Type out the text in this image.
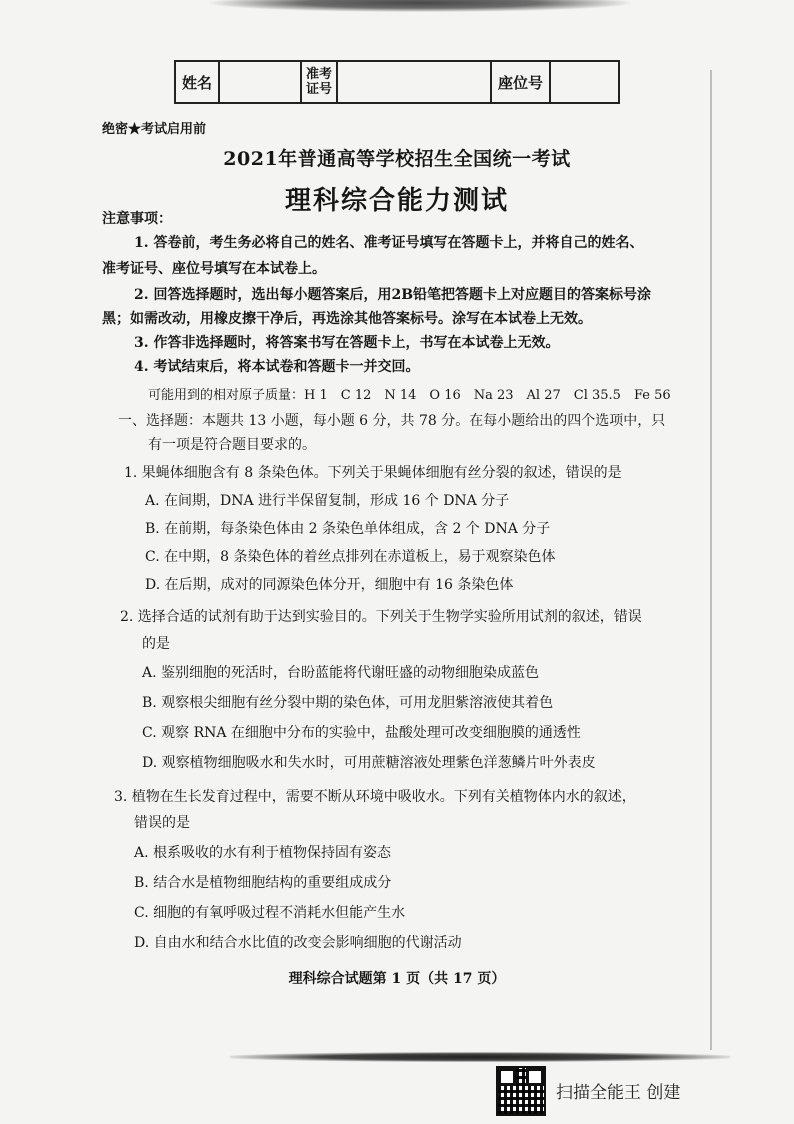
姓名	准考
证号	座位号
绝密★考试启用前
2021年普通高等学校招生全国统一考试
理科综合能力测试
注意事项：
1. 答卷前，考生务必将自己的姓名、准考证号填写在答题卡上，并将自己的姓名、
准考证号、座位号填写在本试卷上。
2. 回答选择题时，选出每小题答案后，用2B铅笔把答题卡上对应题目的答案标号涂
黑；如需改动，用橡皮擦干净后，再选涂其他答案标号。涂写在本试卷上无效。
3. 作答非选择题时，将答案书写在答题卡上，书写在本试卷上无效。
4. 考试结束后，将本试卷和答题卡一并交回。
可能用到的相对原子质量：H 1　C 12　N 14　O 16　Na 23　Al 27　Cl 35.5　Fe 56
一、选择题：本题共 13 小题，每小题 6 分，共 78 分。在每小题给出的四个选项中，只
有一项是符合题目要求的。
1. 果蝇体细胞含有 8 条染色体。下列关于果蝇体细胞有丝分裂的叙述，错误的是
A. 在间期，DNA 进行半保留复制，形成 16 个 DNA 分子
B. 在前期，每条染色体由 2 条染色单体组成，含 2 个 DNA 分子
C. 在中期，8 条染色体的着丝点排列在赤道板上，易于观察染色体
D. 在后期，成对的同源染色体分开，细胞中有 16 条染色体
2. 选择合适的试剂有助于达到实验目的。下列关于生物学实验所用试剂的叙述，错误
的是
A. 鉴别细胞的死活时，台盼蓝能将代谢旺盛的动物细胞染成蓝色
B. 观察根尖细胞有丝分裂中期的染色体，可用龙胆紫溶液使其着色
C. 观察 RNA 在细胞中分布的实验中，盐酸处理可改变细胞膜的通透性
D. 观察植物细胞吸水和失水时，可用蔗糖溶液处理紫色洋葱鳞片叶外表皮
3. 植物在生长发育过程中，需要不断从环境中吸收水。下列有关植物体内水的叙述，
错误的是
A. 根系吸收的水有利于植物保持固有姿态
B. 结合水是植物细胞结构的重要组成成分
C. 细胞的有氧呼吸过程不消耗水但能产生水
D. 自由水和结合水比值的改变会影响细胞的代谢活动
理科综合试题第 1 页（共 17 页）
扫描全能王 创建
